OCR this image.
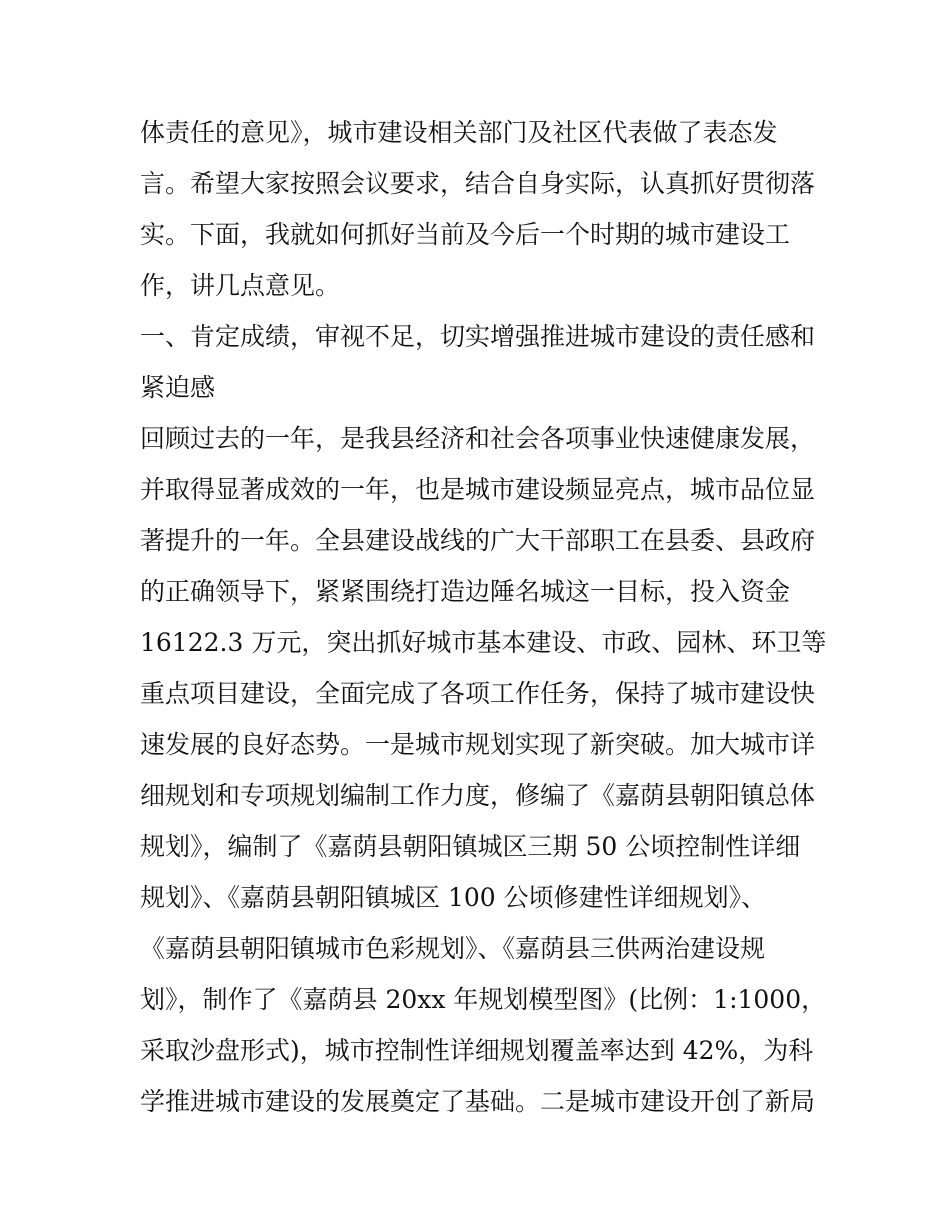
体责任的意见》，城市建设相关部门及社区代表做了表态发
言。希望大家按照会议要求，结合自身实际，认真抓好贯彻落
实。下面，我就如何抓好当前及今后一个时期的城市建设工
作，讲几点意见。
一、肯定成绩，审视不足，切实增强推进城市建设的责任感和
紧迫感
回顾过去的一年，是我县经济和社会各项事业快速健康发展，
并取得显著成效的一年，也是城市建设频显亮点，城市品位显
著提升的一年。全县建设战线的广大干部职工在县委、县政府
的正确领导下，紧紧围绕打造边陲名城这一目标，投入资金
16122.3 万元，突出抓好城市基本建设、市政、园林、环卫等
重点项目建设，全面完成了各项工作任务，保持了城市建设快
速发展的良好态势。一是城市规划实现了新突破。加大城市详
细规划和专项规划编制工作力度，修编了《嘉荫县朝阳镇总体
规划》，编制了《嘉荫县朝阳镇城区三期 50 公顷控制性详细
规划》、《嘉荫县朝阳镇城区 100 公顷修建性详细规划》、
《嘉荫县朝阳镇城市色彩规划》、《嘉荫县三供两治建设规
划》，制作了《嘉荫县 20xx 年规划模型图》(比例：1:1000，
采取沙盘形式)，城市控制性详细规划覆盖率达到 42%，为科
学推进城市建设的发展奠定了基础。二是城市建设开创了新局
